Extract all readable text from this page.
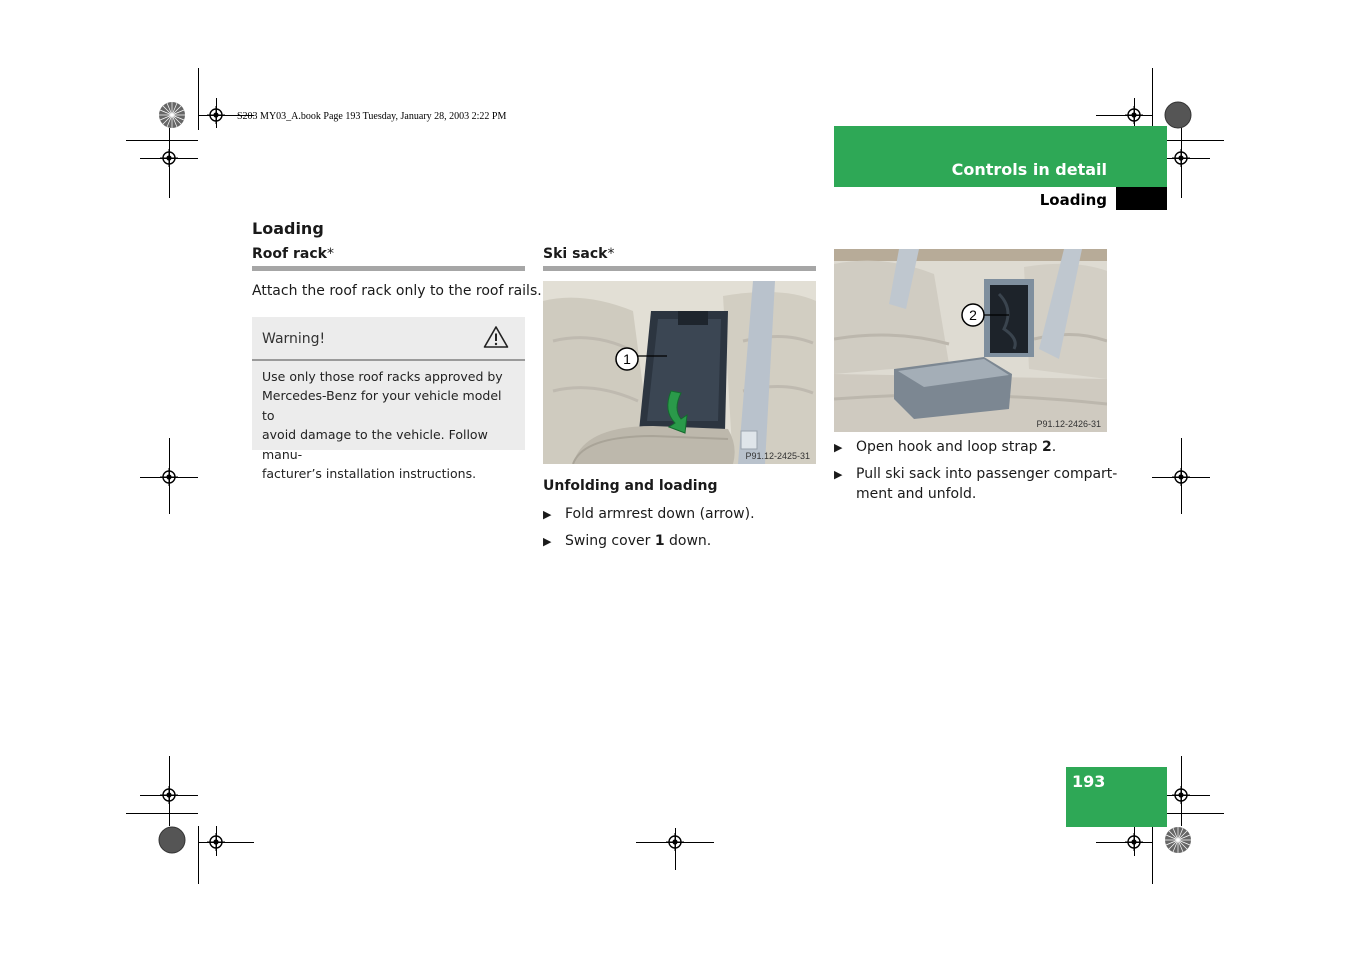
S203 MY03_A.book Page 193 Tuesday, January 28, 2003 2:22 PM
Controls in detail
Loading
Loading
Roof rack*
Attach the roof rack only to the roof rails.
Warning!
Use only those roof racks approved by
Mercedes-Benz for your vehicle model to
avoid damage to the vehicle. Follow manu-
facturer’s installation instructions.
Ski sack*
1
P91.12-2425-31
Unfolding and loading
▶ Fold armrest down (arrow).
▶ Swing cover 1 down.
2
P91.12-2426-31
▶ Open hook and loop strap 2.
▶ Pull ski sack into passenger compart-
ment and unfold.
193
